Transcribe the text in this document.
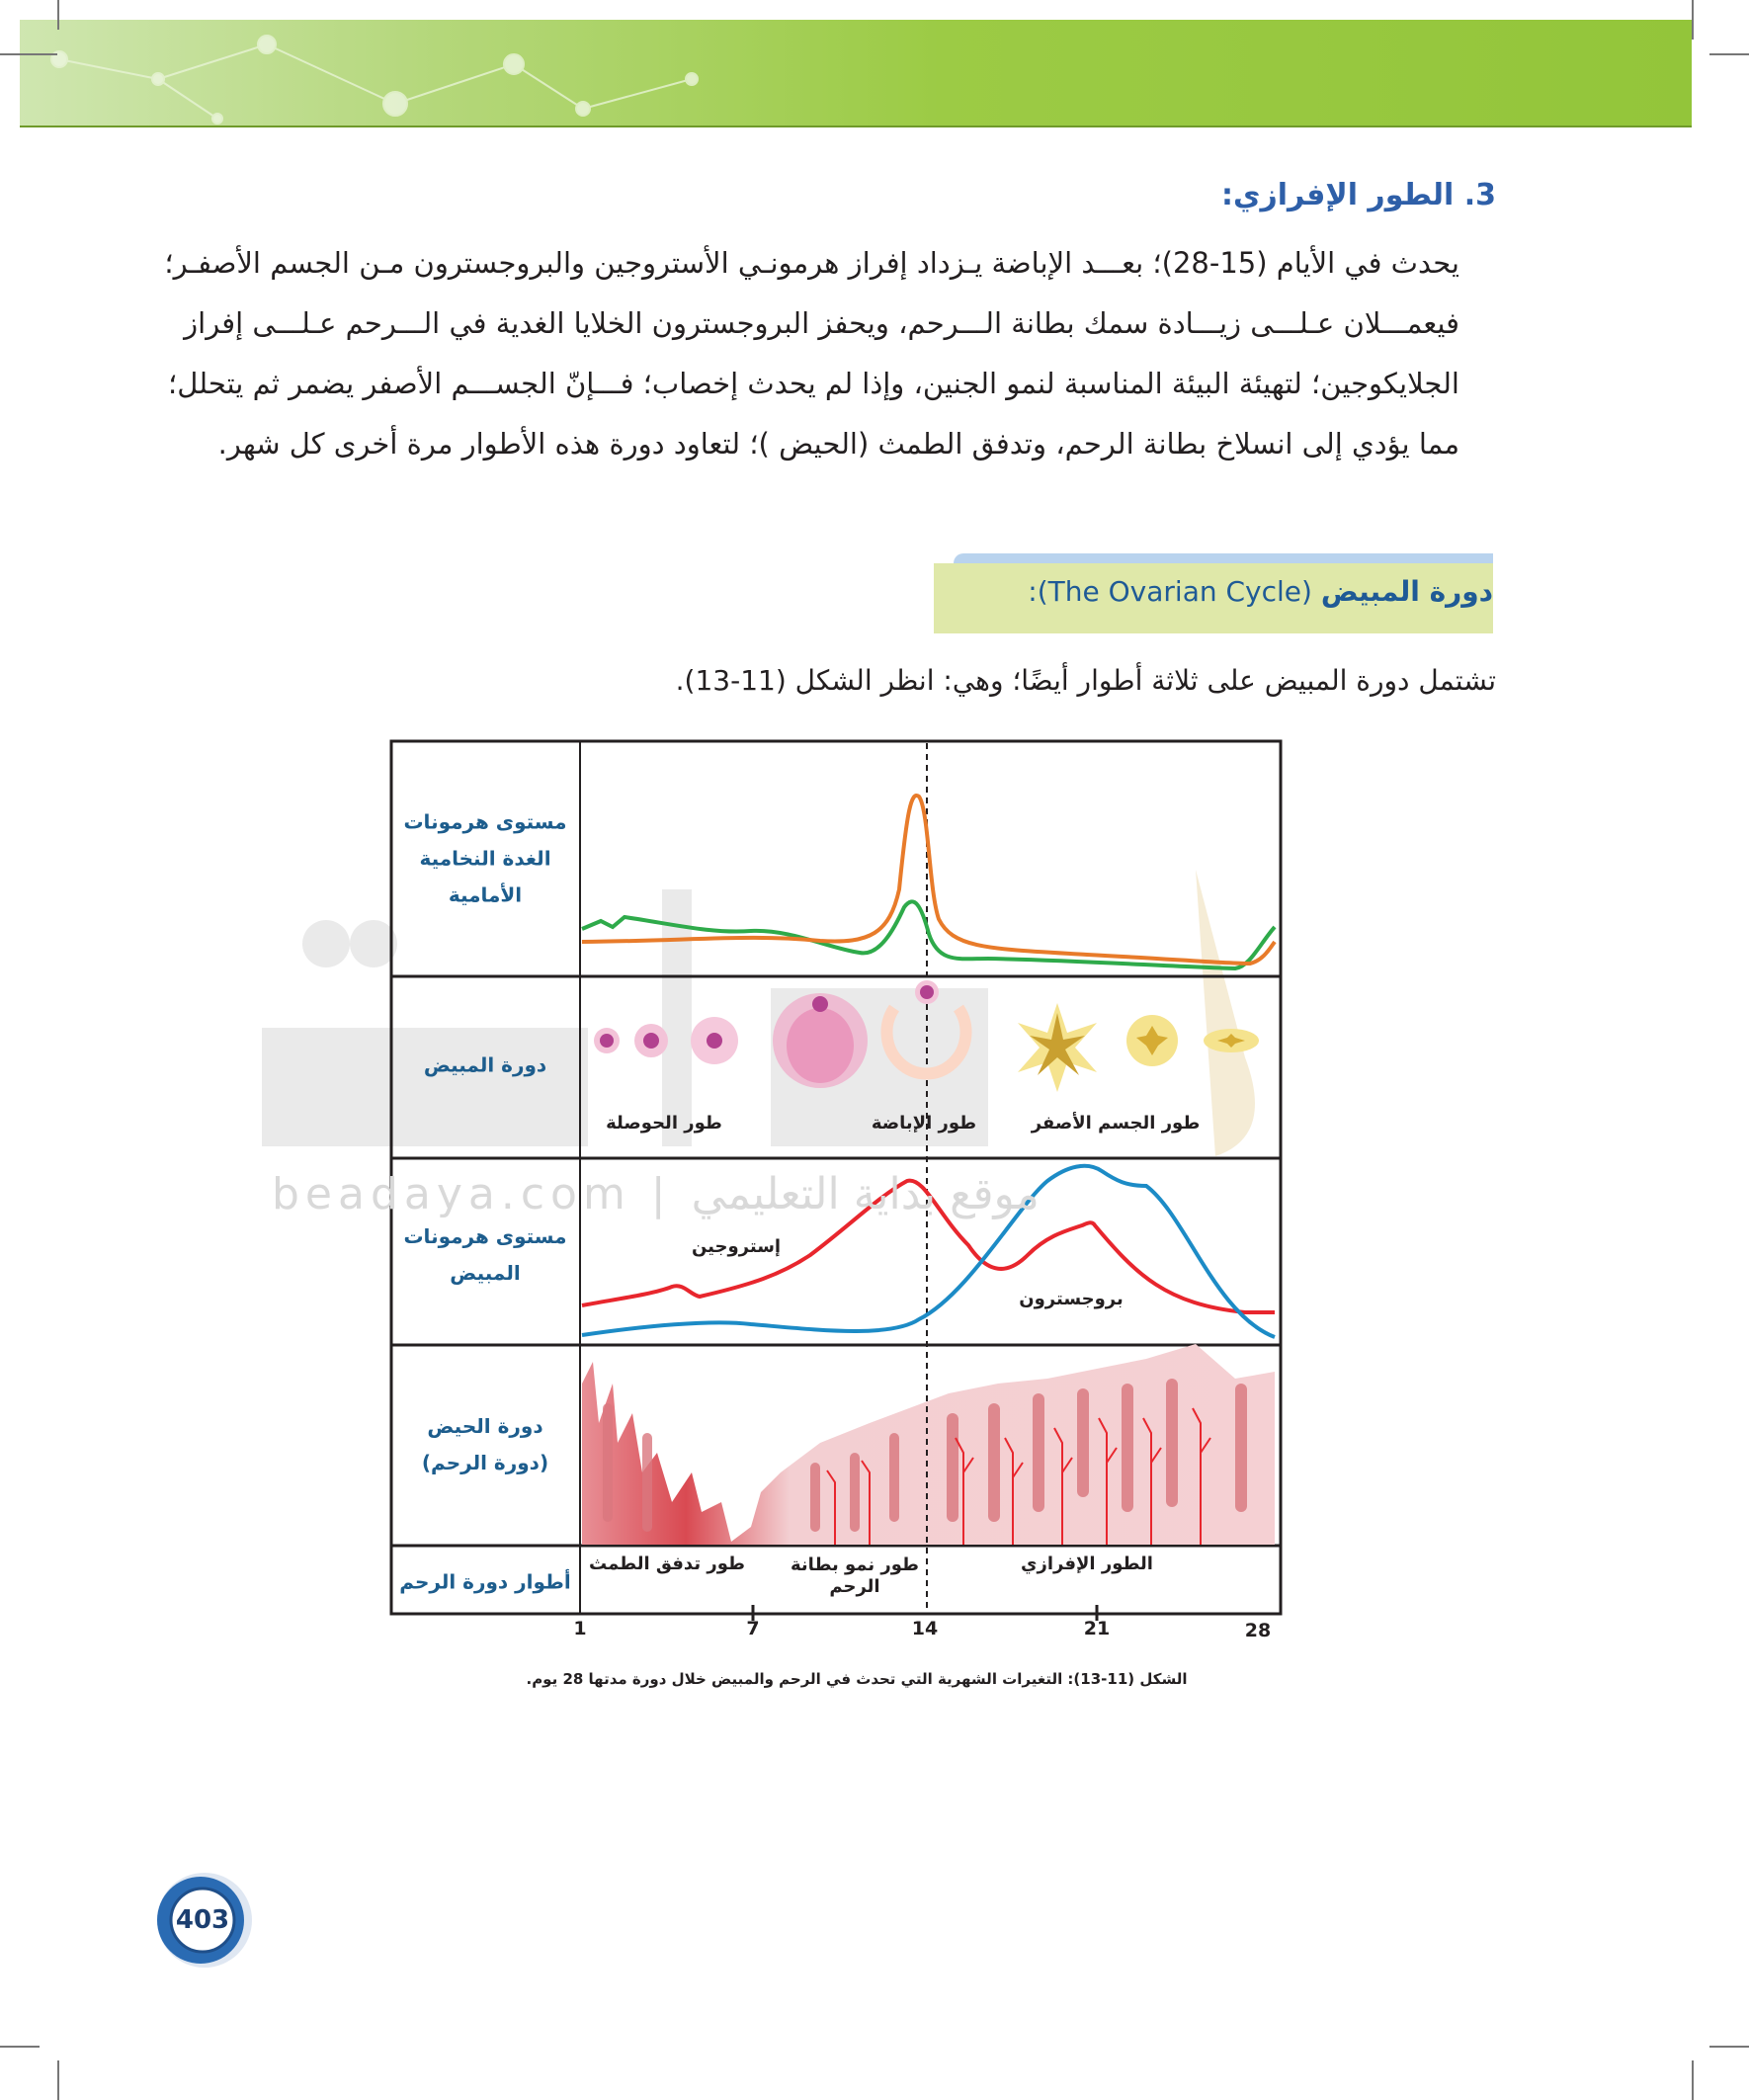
3. الطور الإفرازي:

يحدث في الأيام (15-28)؛ بعـــد الإباضة يـزداد إفراز هرمونـي الأستروجين والبروجسترون مـن الجسم الأصفـر؛

فيعمـــلان عـلـــى زيـــادة سمك بطانة الـــرحم، ويحفز البروجسترون الخلايا الغدية في الـــرحم عـلـــى إفراز

الجلايكوجين؛ لتهيئة البيئة المناسبة لنمو الجنين، وإذا لم يحدث إخصاب؛ فـــإنّ الجســـم الأصفر يضمر ثم يتحلل؛

مما يؤدي إلى انسلاخ بطانة الرحم، وتدفق الطمث (الحيض )؛ لتعاود دورة هذه الأطوار مرة أخرى كل شهر.

دورة المبيض (The Ovarian Cycle):
تشتمل دورة المبيض على ثلاثة أطوار أيضًا؛ وهي: انظر الشكل (11-13).
beadaya.com | موقع بداية التعليمي
مستوى هرمونات
الغدة النخامية
الأمامية
دورة المبيض
مستوى هرمونات
المبيض
دورة الحيض
(دورة الرحم)
أطوار دورة الرحم
طور الحوصلة	طور الإباضة	طور الجسم الأصفر
إستروجين
بروجسترون
طور تدفق الطمث	طور نمو بطانة
الرحم
الطور الإفرازي
1	7	14	21	28
الشكل (11-13): التغيرات الشهرية التي تحدث في الرحم والمبيض خلال دورة مدتها 28 يوم.
403
